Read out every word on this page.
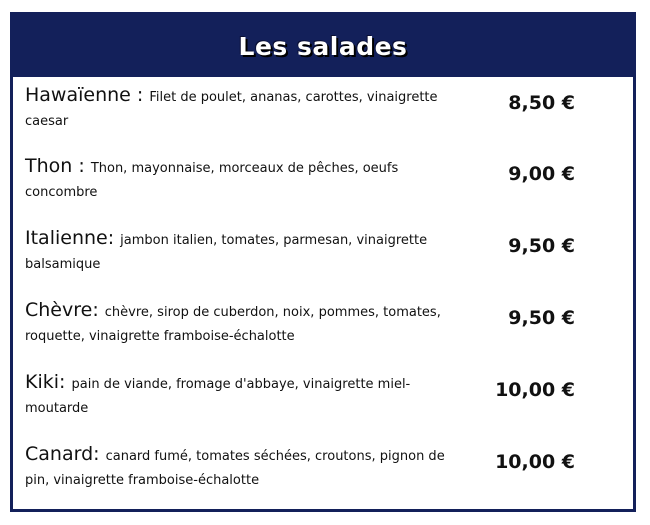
Les salades
Hawaïenne : Filet de poulet, ananas, carottes, vinaigrette caesar
8,50 €
Thon : Thon, mayonnaise, morceaux de pêches, oeufs concombre
9,00 €
Italienne: jambon italien, tomates, parmesan, vinaigrette balsamique
9,50 €
Chèvre: chèvre, sirop de cuberdon, noix, pommes, tomates, roquette, vinaigrette framboise-échalotte
9,50 €
Kiki: pain de viande, fromage d'abbaye, vinaigrette miel-moutarde
10,00 €
Canard: canard fumé, tomates séchées, croutons, pignon de pin, vinaigrette framboise-échalotte
10,00 €
